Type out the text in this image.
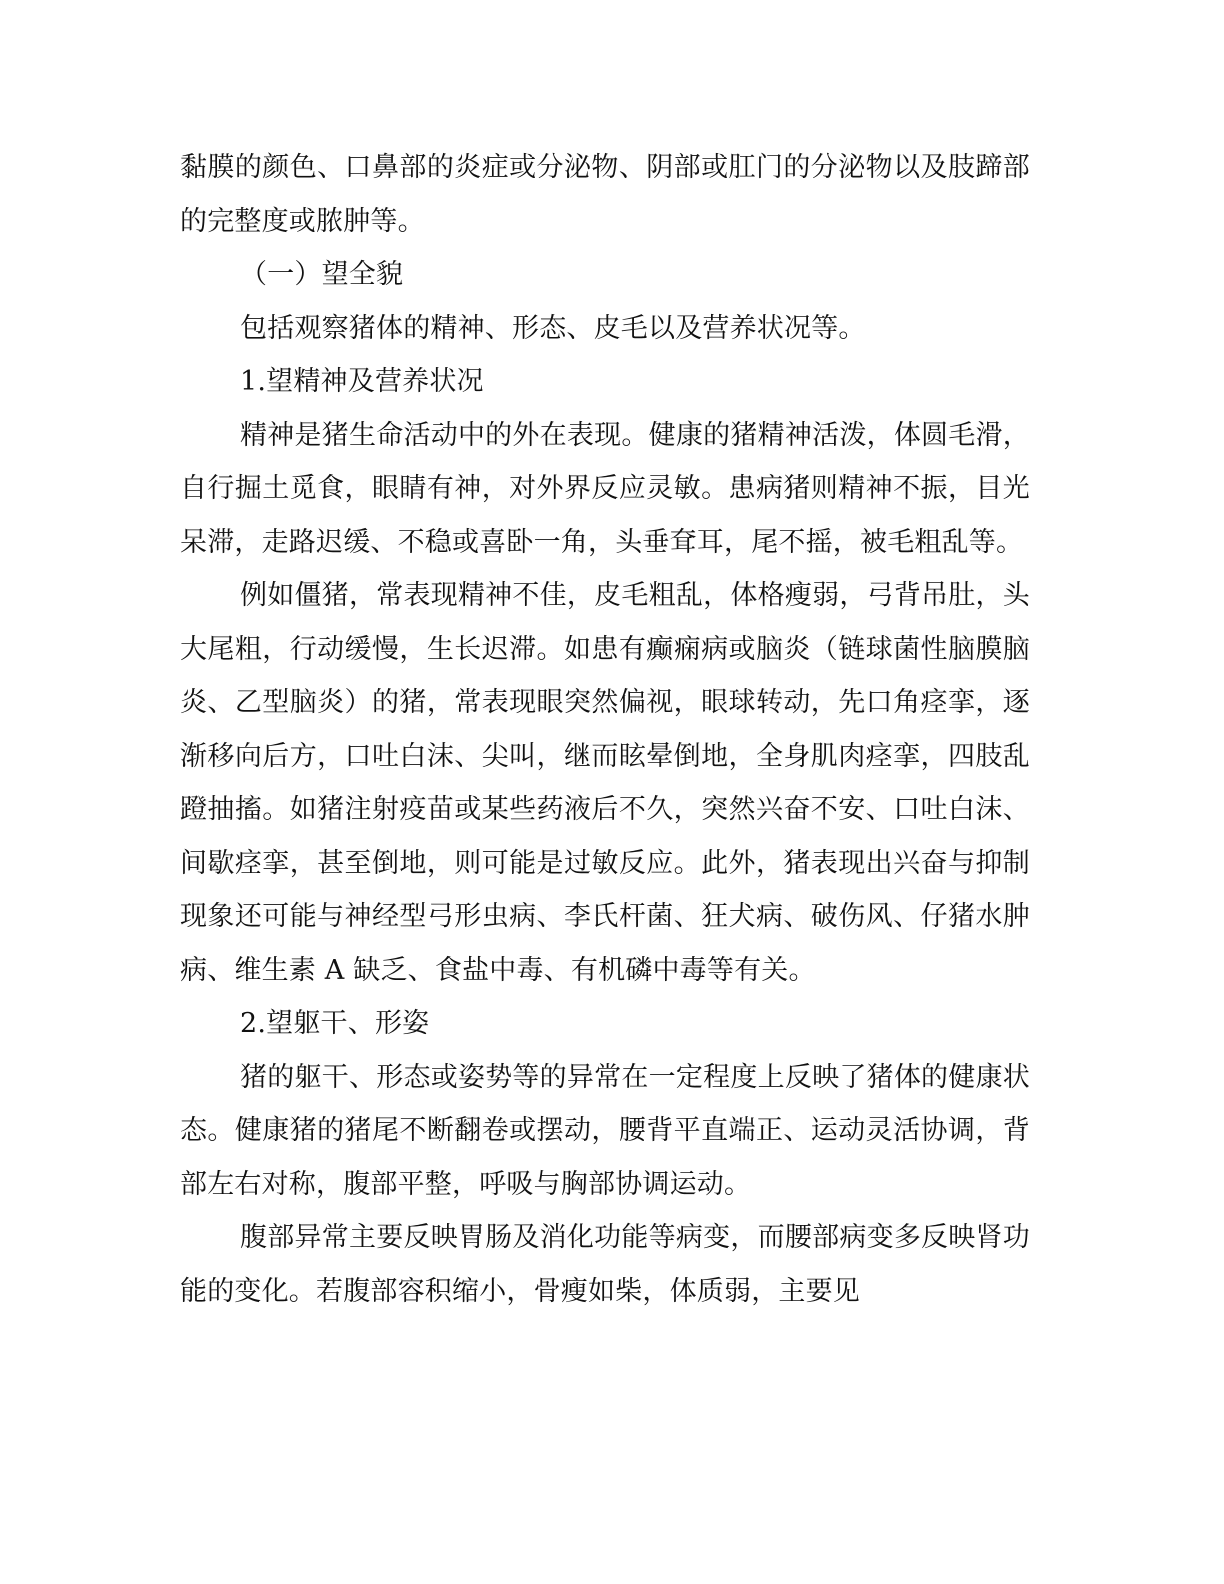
黏膜的颜色、口鼻部的炎症或分泌物、阴部或肛门的分泌物以及肢蹄部的完整度或脓肿等。

（一）望全貌

包括观察猪体的精神、形态、皮毛以及营养状况等。

1.望精神及营养状况

精神是猪生命活动中的外在表现。健康的猪精神活泼，体圆毛滑，自行掘土觅食，眼睛有神，对外界反应灵敏。患病猪则精神不振，目光呆滞，走路迟缓、不稳或喜卧一角，头垂耷耳，尾不摇，被毛粗乱等。

例如僵猪，常表现精神不佳，皮毛粗乱，体格瘦弱，弓背吊肚，头大尾粗，行动缓慢，生长迟滞。如患有癫痫病或脑炎（链球菌性脑膜脑炎、乙型脑炎）的猪，常表现眼突然偏视，眼球转动，先口角痉挛，逐渐移向后方，口吐白沫、尖叫，继而眩晕倒地，全身肌肉痉挛，四肢乱蹬抽搐。如猪注射疫苗或某些药液后不久，突然兴奋不安、口吐白沫、间歇痉挛，甚至倒地，则可能是过敏反应。此外，猪表现出兴奋与抑制现象还可能与神经型弓形虫病、李氏杆菌、狂犬病、破伤风、仔猪水肿病、维生素 A 缺乏、食盐中毒、有机磷中毒等有关。

2.望躯干、形姿

猪的躯干、形态或姿势等的异常在一定程度上反映了猪体的健康状态。健康猪的猪尾不断翻卷或摆动，腰背平直端正、运动灵活协调，背部左右对称，腹部平整，呼吸与胸部协调运动。

腹部异常主要反映胃肠及消化功能等病变，而腰部病变多反映肾功能的变化。若腹部容积缩小，骨瘦如柴，体质弱，主要见
